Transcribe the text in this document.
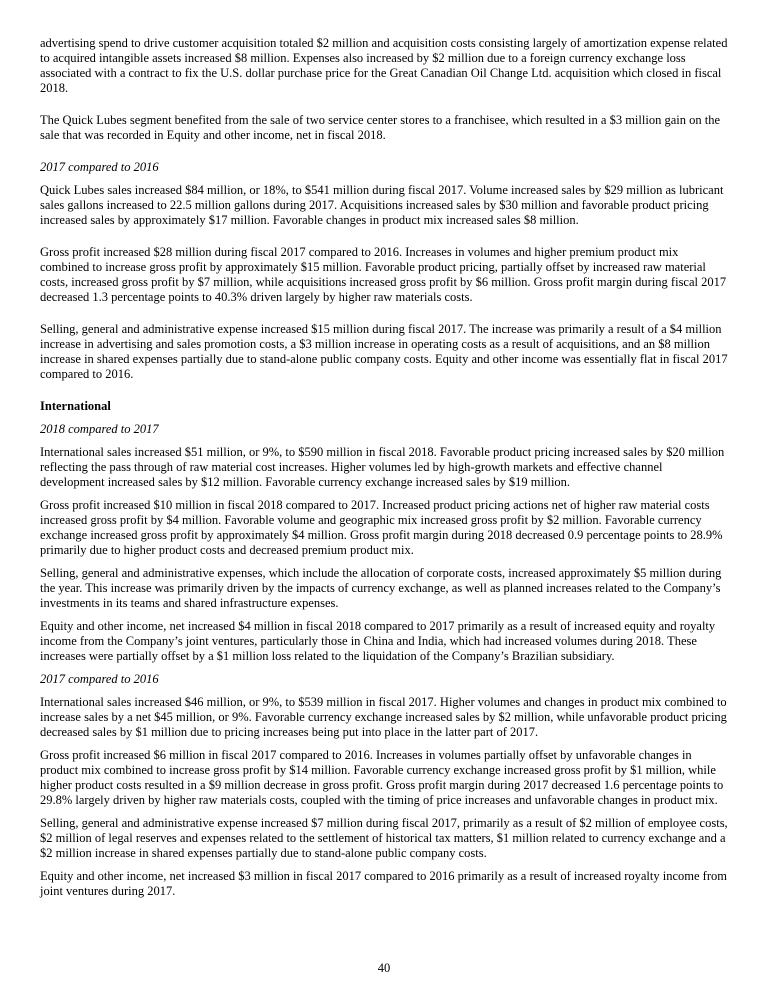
advertising spend to drive customer acquisition totaled $2 million and acquisition costs consisting largely of amortization expense related to acquired intangible assets increased $8 million. Expenses also increased by $2 million due to a foreign currency exchange loss associated with a contract to fix the U.S. dollar purchase price for the Great Canadian Oil Change Ltd. acquisition which closed in fiscal 2018.

The Quick Lubes segment benefited from the sale of two service center stores to a franchisee, which resulted in a $3 million gain on the sale that was recorded in Equity and other income, net in fiscal 2018.

2017 compared to 2016

Quick Lubes sales increased $84 million, or 18%, to $541 million during fiscal 2017. Volume increased sales by $29 million as lubricant sales gallons increased to 22.5 million gallons during 2017. Acquisitions increased sales by $30 million and favorable product pricing increased sales by approximately $17 million. Favorable changes in product mix increased sales $8 million.

Gross profit increased $28 million during fiscal 2017 compared to 2016. Increases in volumes and higher premium product mix combined to increase gross profit by approximately $15 million. Favorable product pricing, partially offset by increased raw material costs, increased gross profit by $7 million, while acquisitions increased gross profit by $6 million. Gross profit margin during fiscal 2017 decreased 1.3 percentage points to 40.3% driven largely by higher raw materials costs.

Selling, general and administrative expense increased $15 million during fiscal 2017. The increase was primarily a result of a $4 million increase in advertising and sales promotion costs, a $3 million increase in operating costs as a result of acquisitions, and an $8 million increase in shared expenses partially due to stand-alone public company costs. Equity and other income was essentially flat in fiscal 2017 compared to 2016.

International

2018 compared to 2017

International sales increased $51 million, or 9%, to $590 million in fiscal 2018. Favorable product pricing increased sales by $20 million reflecting the pass through of raw material cost increases. Higher volumes led by high-growth markets and effective channel development increased sales by $12 million. Favorable currency exchange increased sales by $19 million.

Gross profit increased $10 million in fiscal 2018 compared to 2017. Increased product pricing actions net of higher raw material costs increased gross profit by $4 million. Favorable volume and geographic mix increased gross profit by $2 million. Favorable currency exchange increased gross profit by approximately $4 million. Gross profit margin during 2018 decreased 0.9 percentage points to 28.9% primarily due to higher product costs and decreased premium product mix.

Selling, general and administrative expenses, which include the allocation of corporate costs, increased approximately $5 million during the year. This increase was primarily driven by the impacts of currency exchange, as well as planned increases related to the Company’s investments in its teams and shared infrastructure expenses.

Equity and other income, net increased $4 million in fiscal 2018 compared to 2017 primarily as a result of increased equity and royalty income from the Company’s joint ventures, particularly those in China and India, which had increased volumes during 2018. These increases were partially offset by a $1 million loss related to the liquidation of the Company’s Brazilian subsidiary.

2017 compared to 2016

International sales increased $46 million, or 9%, to $539 million in fiscal 2017. Higher volumes and changes in product mix combined to increase sales by a net $45 million, or 9%. Favorable currency exchange increased sales by $2 million, while unfavorable product pricing decreased sales by $1 million due to pricing increases being put into place in the latter part of 2017.

Gross profit increased $6 million in fiscal 2017 compared to 2016. Increases in volumes partially offset by unfavorable changes in product mix combined to increase gross profit by $14 million. Favorable currency exchange increased gross profit by $1 million, while higher product costs resulted in a $9 million decrease in gross profit. Gross profit margin during 2017 decreased 1.6 percentage points to 29.8% largely driven by higher raw materials costs, coupled with the timing of price increases and unfavorable changes in product mix.

Selling, general and administrative expense increased $7 million during fiscal 2017, primarily as a result of $2 million of employee costs, $2 million of legal reserves and expenses related to the settlement of historical tax matters, $1 million related to currency exchange and a $2 million increase in shared expenses partially due to stand-alone public company costs.

Equity and other income, net increased $3 million in fiscal 2017 compared to 2016 primarily as a result of increased royalty income from joint ventures during 2017.

40
